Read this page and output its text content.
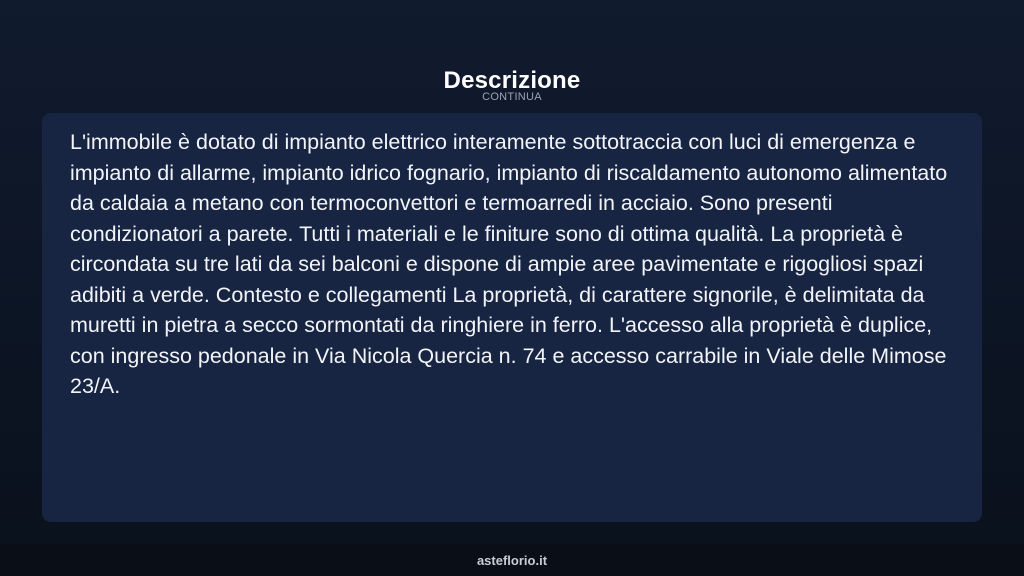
Descrizione
CONTINUA

L'immobile è dotato di impianto elettrico interamente sottotraccia con luci di emergenza e impianto di allarme, impianto idrico fognario, impianto di riscaldamento autonomo alimentato da caldaia a metano con termoconvettori e termoarredi in acciaio. Sono presenti condizionatori a parete. Tutti i materiali e le finiture sono di ottima qualità. La proprietà è circondata su tre lati da sei balconi e dispone di ampie aree pavimentate e rigogliosi spazi adibiti a verde. Contesto e collegamenti La proprietà, di carattere signorile, è delimitata da muretti in pietra a secco sormontati da ringhiere in ferro. L'accesso alla proprietà è duplice, con ingresso pedonale in Via Nicola Quercia n. 74 e accesso carrabile in Viale delle Mimose 23/A.

asteflorio.it
